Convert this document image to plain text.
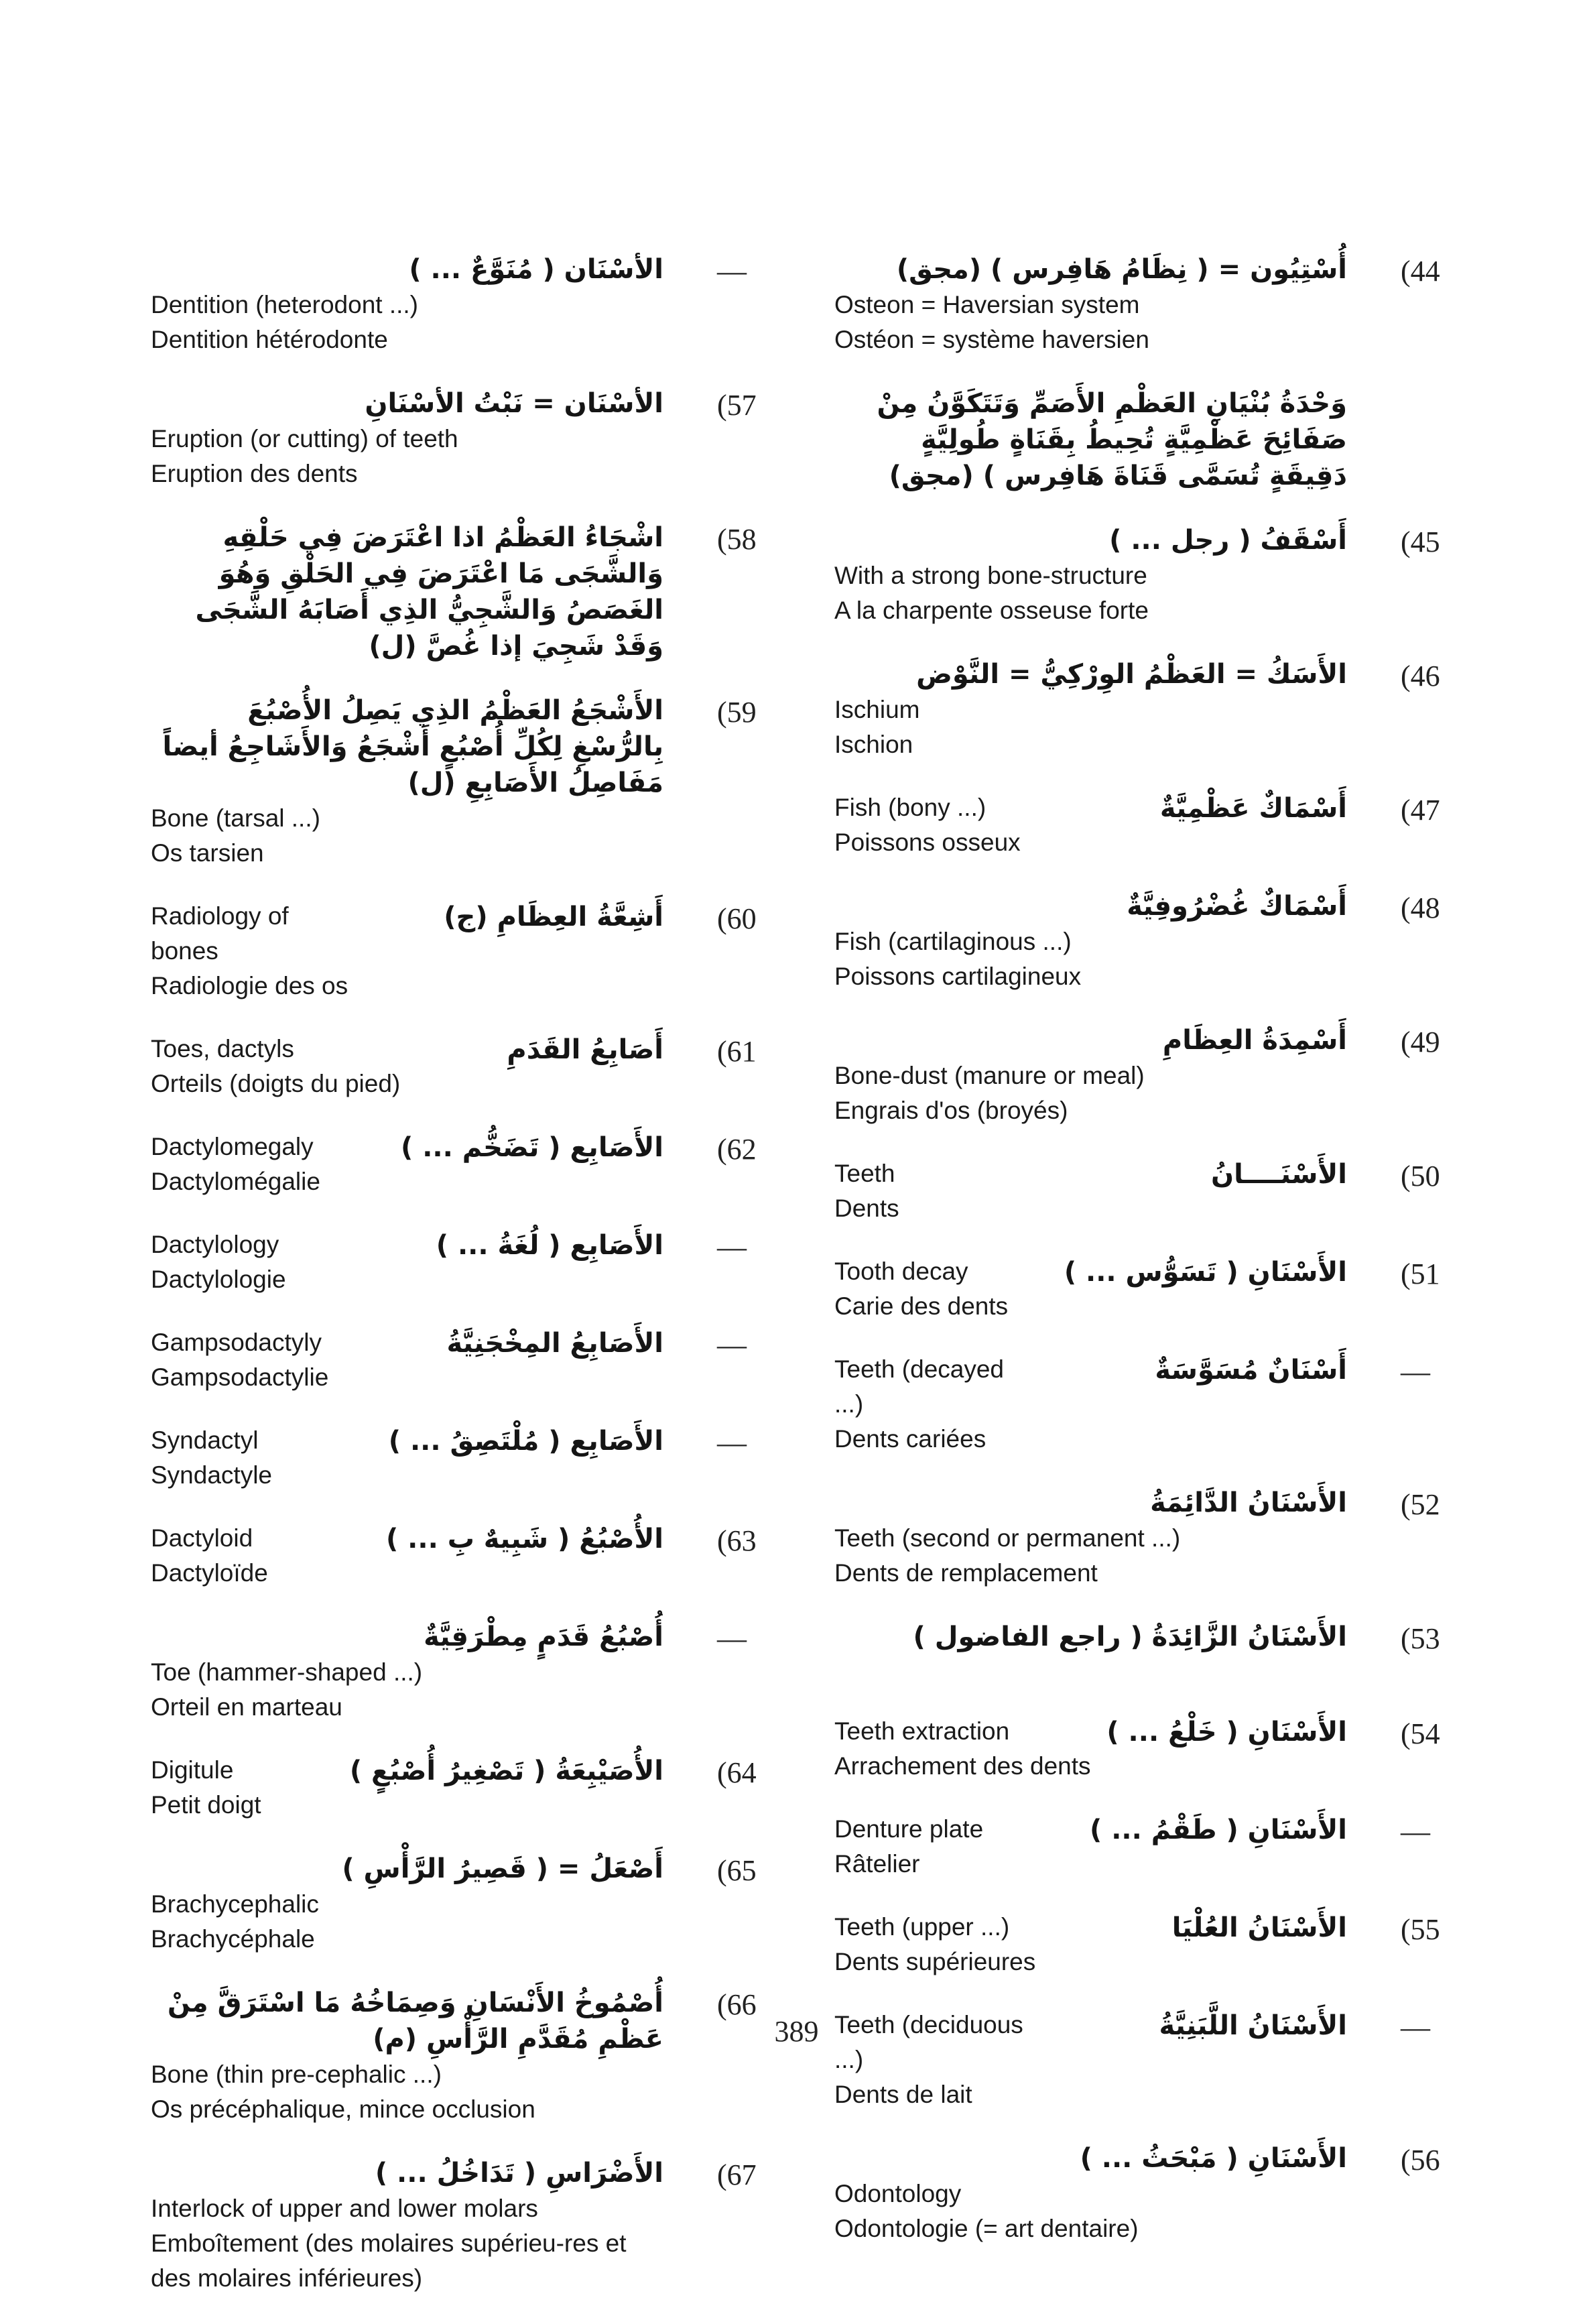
—
الأسْنَان ( مُنَوَّعٌ ... )
Dentition (heterodont ...)
Dentition hétérodonte
(57
الأسْنَان = نَبْتُ الأسْنَانِ
Eruption (or cutting) of teeth
Eruption des dents
(58
اشْجَاءُ العَظْمُ اذا اعْتَرَضَ فِي حَلْقِهِ وَالشَّجَى مَا اعْتَرَضَ فِي الحَلْقِ وَهُوَ الغَصَصُ وَالشَّجِيُّ الذِي أَصَابَهُ الشَّجَى وَقَدْ شَجِيَ إذا غُصَّ (ل)
(59
الأَشْجَعُ العَظْمُ الذِي يَصِلُ الأُصْبُعَ بِالرُّسْغِ لِكُلِّ أُصْبُعٍ أَشْجَعُ وَالأَشَاجِعُ أيضاً مَفَاصِلُ الأَصَابِعِ (ل)
Bone (tarsal ...)
Os tarsien
(60
أَشِعَّةُ العِظَامِ (ج)
Radiology of bones
Radiologie des os
(61
أَصَابِعُ القَدَمِ
Toes, dactyls
Orteils (doigts du pied)
(62
الأَصَابِع ( تَضَخُّم ... )
Dactylomegaly
Dactylomégalie
—
الأَصَابِع ( لُغَةُ ... )
Dactylology
Dactylologie
—
الأَصَابِعُ المِخْجَنِيَّةُ
Gampsodactyly
Gampsodactylie
—
الأَصَابِع ( مُلْتَصِقُ ... )
Syndactyl
Syndactyle
(63
الأُصْبُعُ ( شَبِيهٌ بِ ... )
Dactyloid
Dactyloïde
—
أُصْبُعُ قَدَمٍ مِطْرَقِيَّةٌ
Toe (hammer-shaped ...)
Orteil en marteau
(64
الأُصَيْبِعَةُ ( تَصْغِيرُ أُصْبُعٍ )
Digitule
Petit doigt
(65
أَصْعَلُ = ( قَصِيرُ الرَّأْسِ )
Brachycephalic
Brachycéphale
(66
أُصْمُوخُ الأَنْسَانِ وَصِمَاخُهُ مَا اسْتَرَقَّ مِنْ عَظْمِ مُقَدَّمِ الرَّأْسِ (م)
Bone (thin pre-cephalic ...)
Os précéphalique, mince occlusion
(67
الأَضْرَاسِ ( تَدَاخُلُ ... )
Interlock of upper and lower molars
Emboîtement (des molaires supérieu-res et des molaires inférieures)
(44
أُسْتِيُون = ( نِظَامُ هَافِرس ) (مجق)
Osteon = Haversian system
Ostéon = système haversien
وَحْدَةُ بُنْيَانِ العَظْمِ الأَصَمِّ وَتَتَكَوَّنُ مِنْ صَفَائِحَ عَظْمِيَّةٍ تُحِيطُ بِقَنَاةٍ طُولِيَّةٍ دَقِيقَةٍ تُسَمَّى قَنَاةَ هَافِرس ) (مجق)
(45
أَسْقَفُ ( رجل ... )
With a strong bone-structure
A la charpente osseuse forte
(46
الأَسَكُ = العَظْمُ الوِرْكِيُّ = النَّوْض
Ischium
Ischion
(47
أَسْمَاكٌ عَظْمِيَّةٌ
Fish (bony ...)
Poissons osseux
(48
أَسْمَاكٌ غُضْرُوفِيَّةٌ
Fish (cartilaginous ...)
Poissons cartilagineux
(49
أَسْمِدَةُ العِظَامِ
Bone-dust (manure or meal)
Engrais d'os (broyés)
(50
الأَسْنَــــانُ
Teeth
Dents
(51
الأَسْنَانِ ( تَسَوُّس ... )
Tooth decay
Carie des dents
—
أَسْنَانٌ مُسَوَّسَةٌ
Teeth (decayed ...)
Dents cariées
(52
الأَسْنَانُ الدَّائِمَةُ
Teeth (second or permanent ...)
Dents de remplacement
(53
الأَسْنَانُ الزَّائِدَةُ ( راجع الفاضول )
(54
الأَسْنَانِ ( خَلْعُ ... )
Teeth extraction
Arrachement des dents
—
الأَسْنَانِ ( طَقْمُ ... )
Denture plate
Râtelier
(55
الأَسْنَانُ العُلْيَا
Teeth (upper ...)
Dents supérieures
—
الأَسْنَانُ اللَّبَنِيَّةُ
Teeth (deciduous ...)
Dents de lait
(56
الأَسْنَانِ ( مَبْحَثُ ... )
Odontology
Odontologie (= art dentaire)
389
